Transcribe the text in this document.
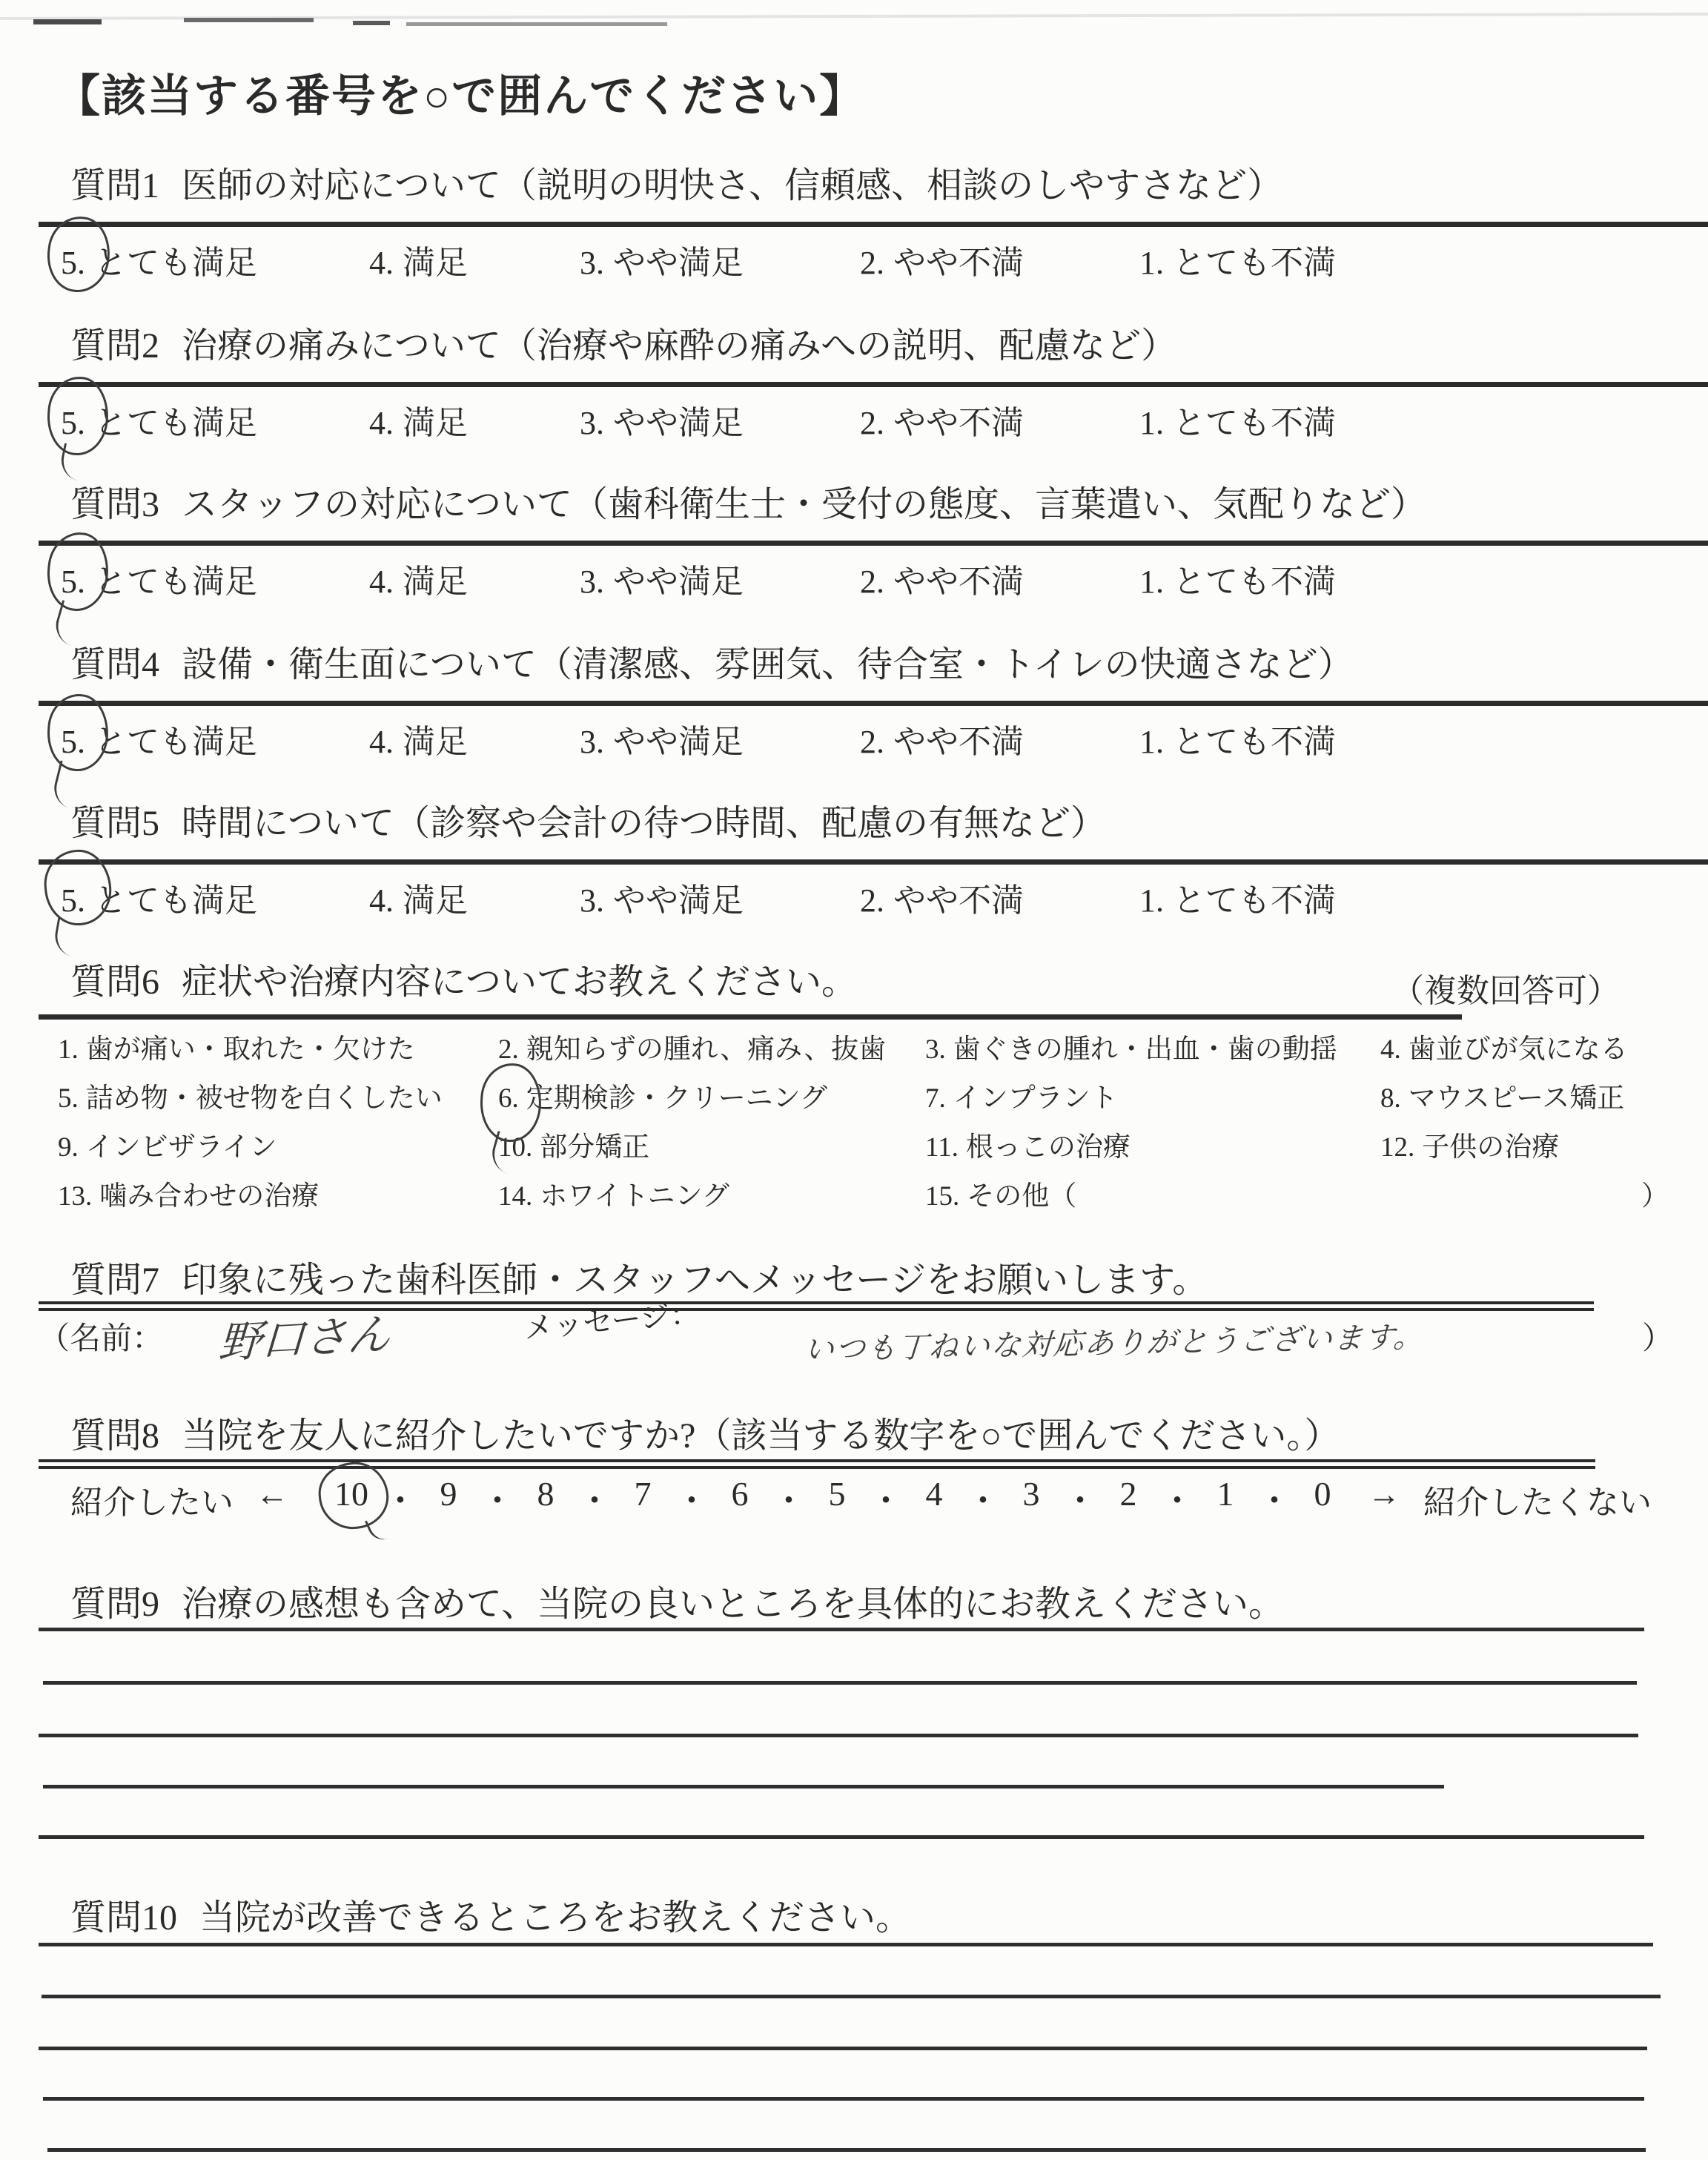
【該当する番号を○で囲んでください】
質問1 医師の対応について（説明の明快さ、信頼感、相談のしやすさなど）
5. とても満足	4. 満足	3. やや満足	2. やや不満	1. とても不満
質問2 治療の痛みについて（治療や麻酔の痛みへの説明、配慮など）
5. とても満足	4. 満足	3. やや満足	2. やや不満	1. とても不満
質問3 スタッフの対応について（歯科衛生士・受付の態度、言葉遣い、気配りなど）
5. とても満足	4. 満足	3. やや満足	2. やや不満	1. とても不満
質問4 設備・衛生面について（清潔感、雰囲気、待合室・トイレの快適さなど）
5. とても満足	4. 満足	3. やや満足	2. やや不満	1. とても不満
質問5 時間について（診察や会計の待つ時間、配慮の有無など）
5. とても満足	4. 満足	3. やや満足	2. やや不満	1. とても不満
質問6 症状や治療内容についてお教えください。	（複数回答可）
1. 歯が痛い・取れた・欠けた	2. 親知らずの腫れ、痛み、抜歯 3. 歯ぐきの腫れ・出血・歯の動揺 4. 歯並びが気になる
5. 詰め物・被せ物を白くしたい 6. 定期検診・クリーニング	7. インプラント	8. マウスピース矯正
9. インビザライン	10. 部分矯正	11. 根っこの治療	12. 子供の治療
13. 噛み合わせの治療	14. ホワイトニング	15. その他（	）
質問7 印象に残った歯科医師・スタッフへメッセージをお願いします。
（名前： 野口さん	メッセージ：	いつも丁ねいな対応ありがとうございます。	）
質問8 当院を友人に紹介したいですか?（該当する数字を○で囲んでください。）
紹介したい ← 10 ・ 9 ・ 8 ・ 7 ・ 6 ・ 5 ・ 4 ・ 3 ・ 2 ・ 1 ・ 0	→ 紹介したくない
質問9 治療の感想も含めて、当院の良いところを具体的にお教えください。
質問10 当院が改善できるところをお教えください。
